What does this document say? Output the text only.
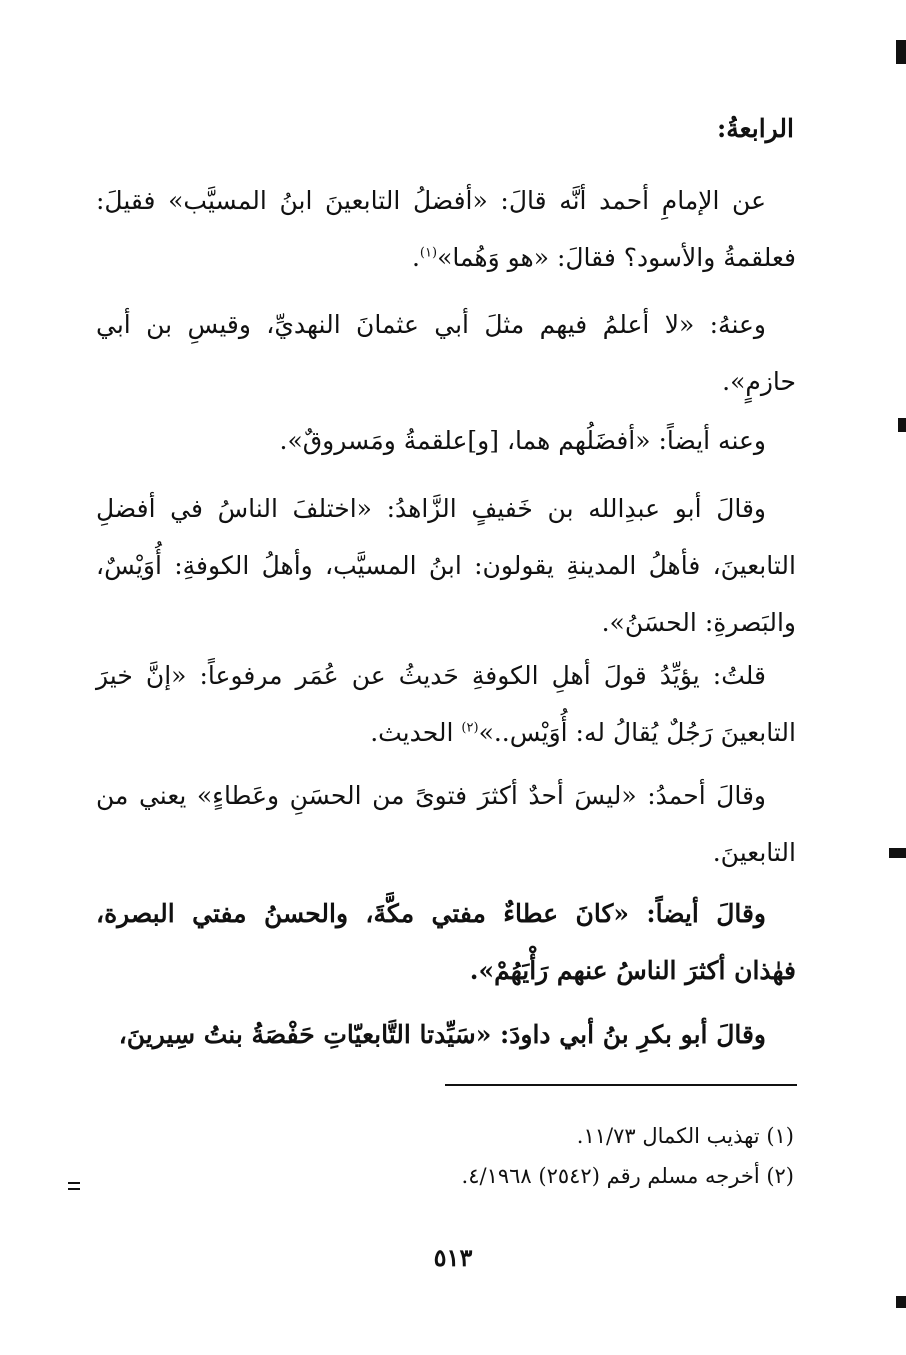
الرابعةُ:

عن الإمامِ أحمد أنَّه قالَ: «أفضلُ التابعينَ ابنُ المسيَّب» فقيلَ: فعلقمةُ والأسود؟ فقالَ: «هو وَهُما»$^{(١)}$.

وعنهُ: «لا أعلمُ فيهم مثلَ أبي عثمانَ النهديِّ، وقيسِ بن أبي حازمٍ».

وعنه أيضاً: «أفضَلُهم هما، [و]علقمةُ ومَسروقٌ».

وقالَ أبو عبدِالله بن خَفيفٍ الزَّاهدُ: «اختلفَ الناسُ في أفضلِ التابعينَ، فأهلُ المدينةِ يقولون: ابنُ المسيَّب، وأهلُ الكوفةِ: أُوَيْسٌ، والبَصرةِ: الحسَنُ».

قلتُ: يؤيِّدُ قولَ أهلِ الكوفةِ حَديثُ عن عُمَر مرفوعاً: «إنَّ خيرَ التابعينَ رَجُلٌ يُقالُ له: أُوَيْس..»$^{(٢)}$ الحديث.

وقالَ أحمدُ: «ليسَ أحدٌ أكثرَ فتوىً من الحسَنِ وعَطاءٍ» يعني من التابعينَ.

وقالَ أيضاً: «كانَ عطاءٌ مفتي مكَّةَ، والحسنُ مفتي البصرة، فهٰذان أكثرَ الناسُ عنهم رَأْيَهُمْ».

وقالَ أبو بكرِ بنُ أبي داودَ: «سَيِّدتا التَّابعيّاتِ حَفْصَةُ بنتُ سِيرينَ،

(١) تهذيب الكمال ١١/٧٣.

(٢) أخرجه مسلم رقم (٢٥٤٢) ٤/١٩٦٨.

٥١٣
